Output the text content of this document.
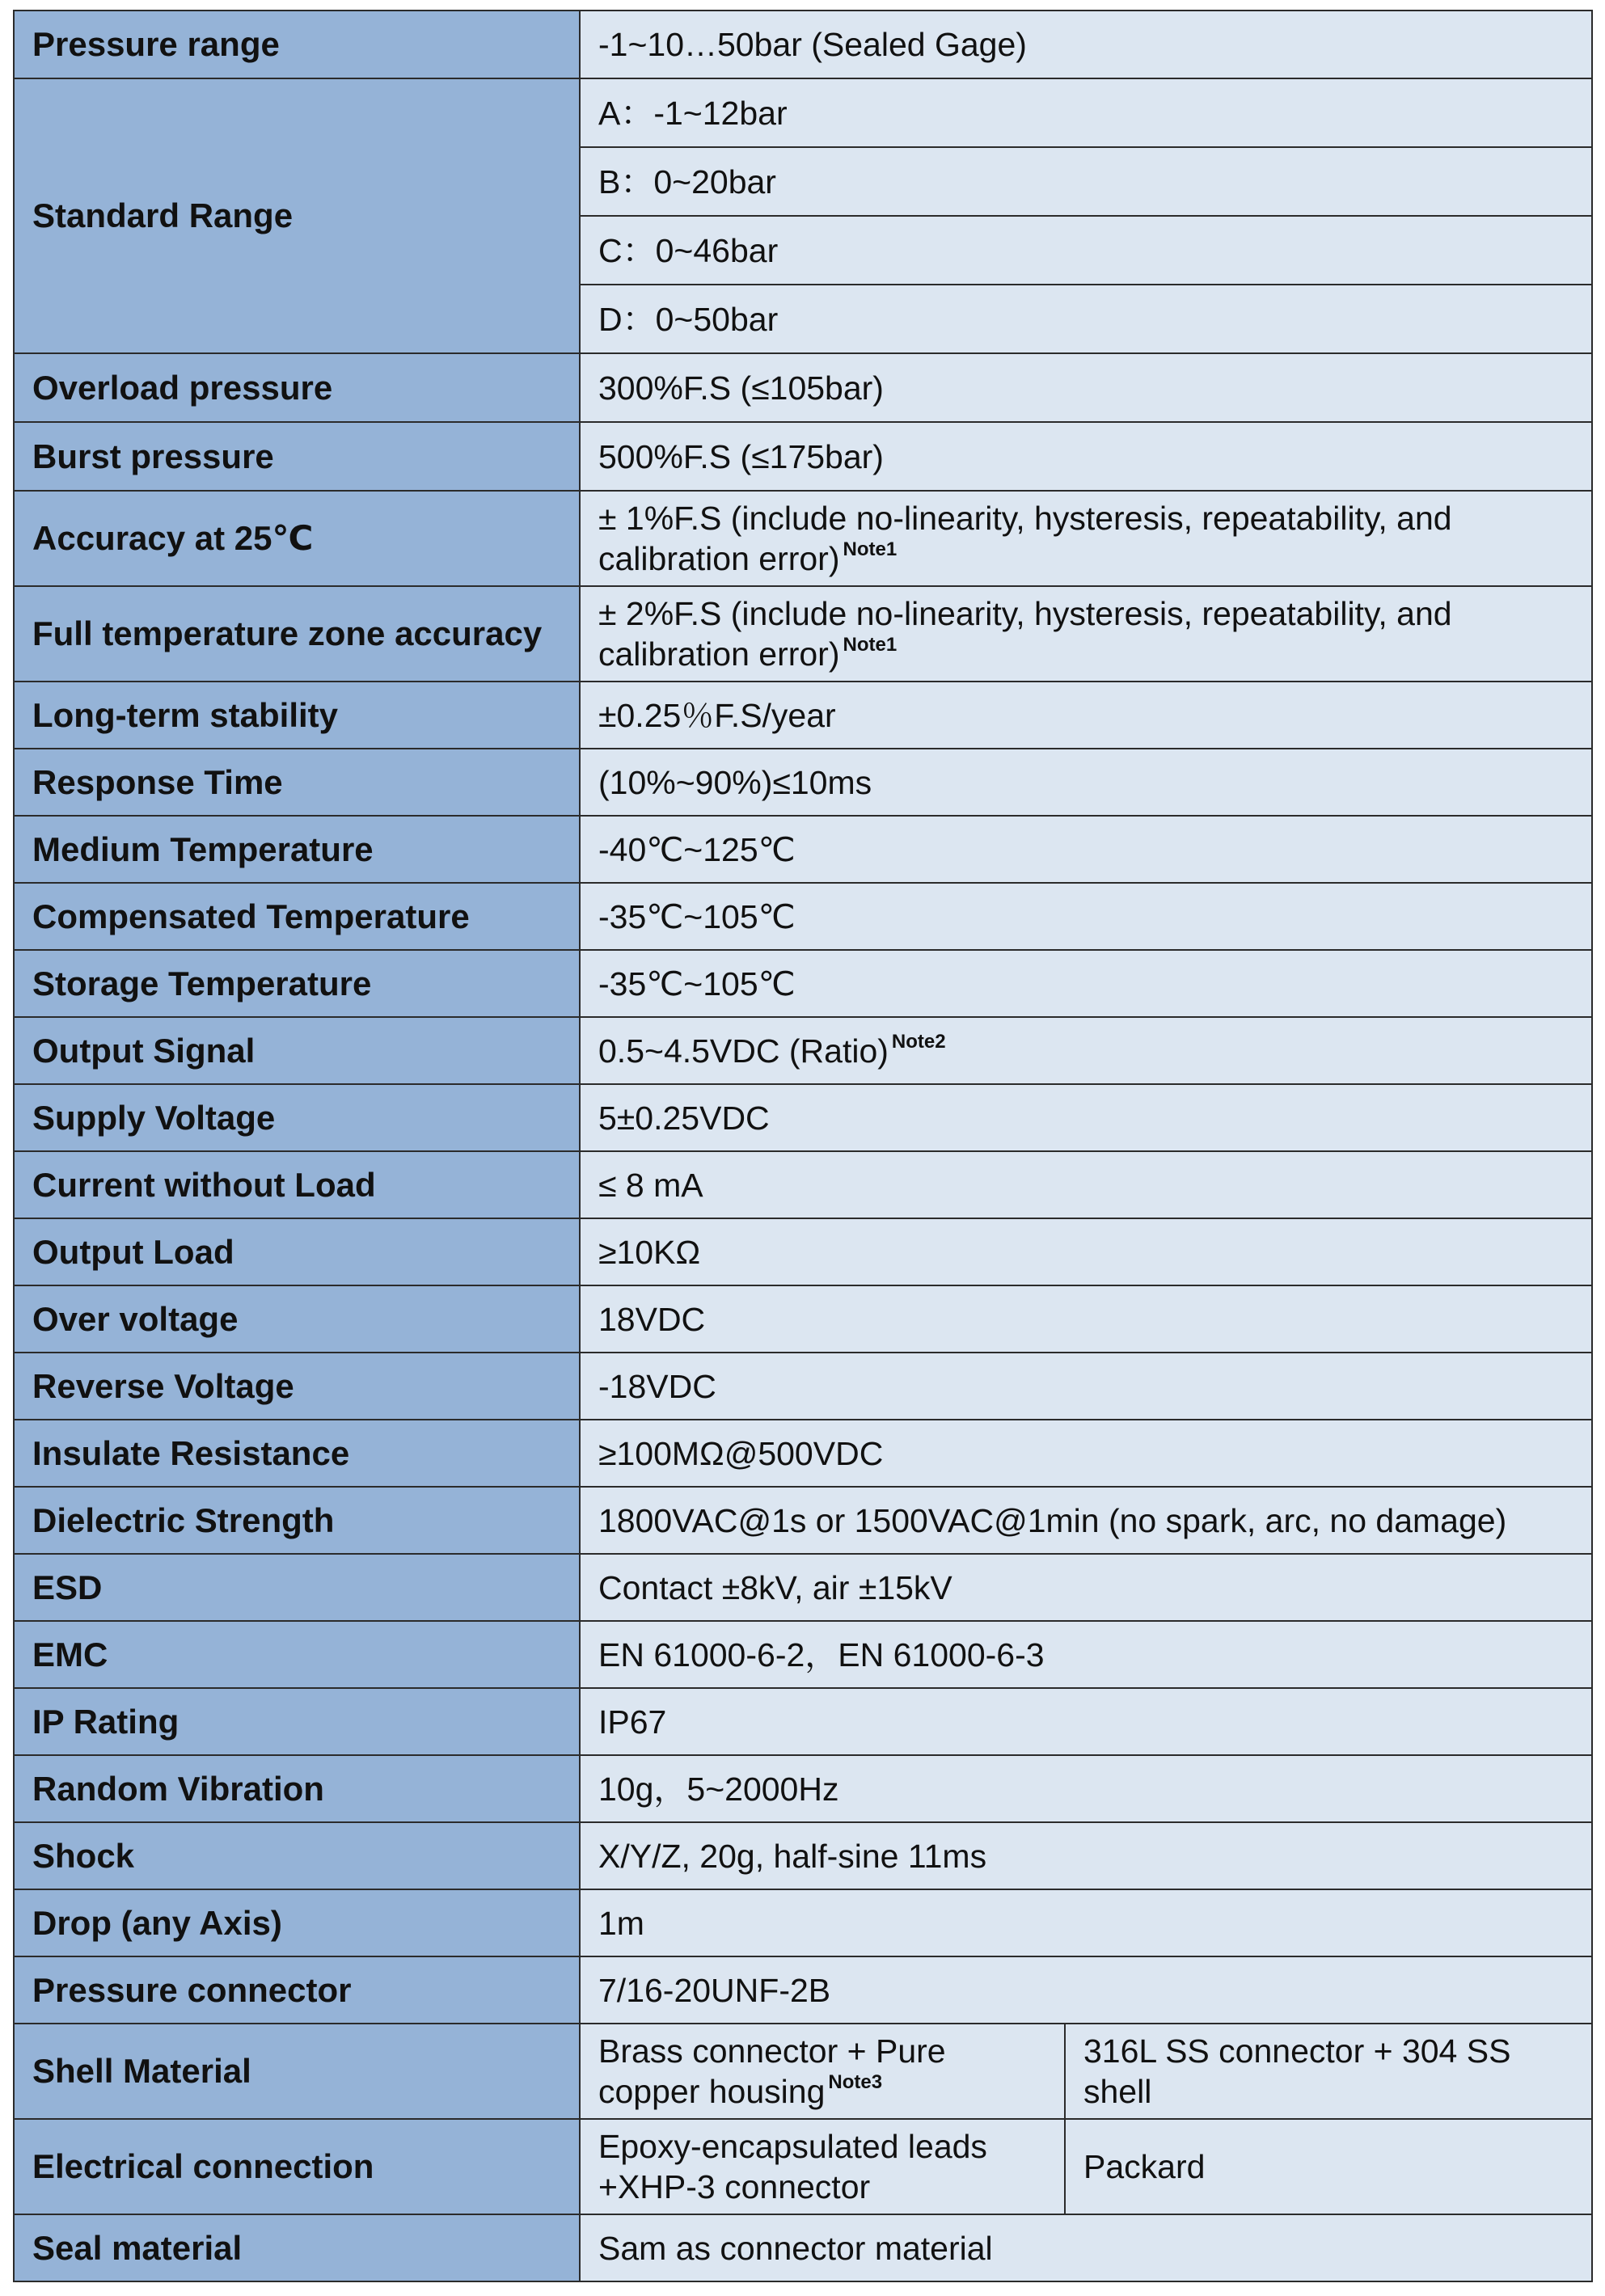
Pressure range	-1~10…50bar (Sealed Gage)	
Standard Range	A：-1~12bar	
	B：0~20bar	
	C：0~46bar	
	D：0~50bar	
Overload pressure	300%F.S (≤105bar)	
Burst pressure	500%F.S (≤175bar)	
Accuracy at 25℃	± 1%F.S (include no-linearity, hysteresis, repeatability, and calibration error) $^{Note1}$
Full temperature zone accuracy	± 2%F.S (include no-linearity, hysteresis, repeatability, and calibration error) $^{Note1}$
Long-term stability	±0.25％F.S/year	
Response Time	(10%~90%)≤10ms	
Medium Temperature	-40℃~125℃	
Compensated Temperature	-35℃~105℃	
Storage Temperature	-35℃~105℃	
Output Signal	0.5~4.5VDC (Ratio) $^{Note2}$
Supply Voltage	5±0.25VDC	
Current without Load	≤ 8 mA	
Output Load	≥10KΩ	
Over voltage	18VDC	
Reverse Voltage	-18VDC	
Insulate Resistance	≥100MΩ@500VDC	
Dielectric Strength	1800VAC@1s or 1500VAC@1min (no spark, arc, no damage)	
ESD	Contact ±8kV, air ±15kV	
EMC	EN 61000-6-2，EN 61000-6-3	
IP Rating	IP67	
Random Vibration	10g，5~2000Hz	
Shock	X/Y/Z, 20g, half-sine 11ms	
Drop (any Axis)	1m	
Pressure connector	7/16-20UNF-2B	
Shell Material	Brass connector + Pure copper housing $^{Note3}$	316L SS connector + 304 SS shell
Electrical connection	Epoxy-encapsulated leads +XHP-3 connector	Packard
Seal material	Sam as connector material	
